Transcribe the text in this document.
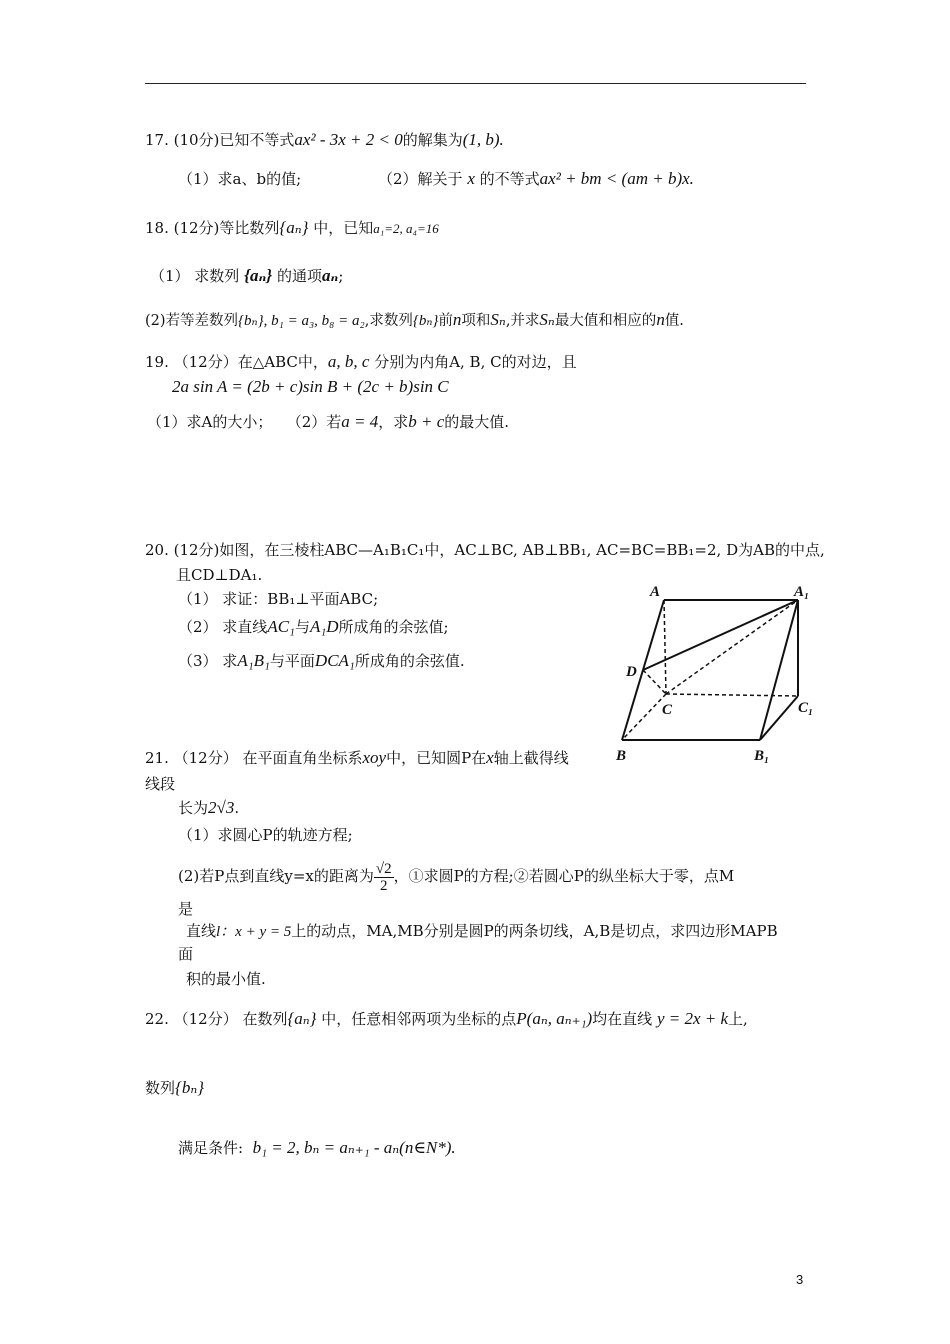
17. (10分)已知不等式ax² - 3x + 2 < 0的解集为(1, b).
（1）求a、b的值;	（2）解关于 x 的不等式ax² + bm < (am + b)x.
18. (12分)等比数列{aₙ} 中，已知a₁=2, a₄=16
（1） 求数列 {aₙ} 的通项aₙ;
(2)若等差数列{bₙ}, b₁ = a₃, b₈ = a₂,求数列{bₙ}前n项和Sₙ,并求Sₙ最大值和相应的n值.
19. （12分）在△ABC中，a, b, c 分别为内角A, B, C的对边，且
2a sin A = (2b + c)sin B + (2c + b)sin C
（1）求A的大小； （2）若a = 4，求b + c的最大值.
20. (12分)如图，在三棱柱ABC—A₁B₁C₁中，AC⊥BC, AB⊥BB₁, AC=BC=BB₁=2, D为AB的中点,
且CD⊥DA₁.
（1） 求证：BB₁⊥平面ABC;
（2） 求直线AC₁与A₁D所成角的余弦值;
（3） 求A₁B₁与平面DCA₁所成角的余弦值.
A	A₁
D
C	C₁
B	B₁
21. （12分） 在平面直角坐标系xoy中，已知圆P在x轴上截得线
线段
长为2√3.
（1）求圆心P的轨迹方程;
(2)若P点到直线y=x的距离为 $\frac{√2}{2}$ ，①求圆P的方程;②若圆心P的纵坐标大于零，点M
是
直线l：x + y = 5上的动点，MA,MB分别是圆P的两条切线，A,B是切点，求四边形MAPB
面
积的最小值.
22. （12分） 在数列{aₙ} 中，任意相邻两项为坐标的点P(aₙ, aₙ₊₁)均在直线 y = 2x + k上,
数列{bₙ}
满足条件: b₁ = 2, bₙ = aₙ₊₁ - aₙ(n∈N*).
3
